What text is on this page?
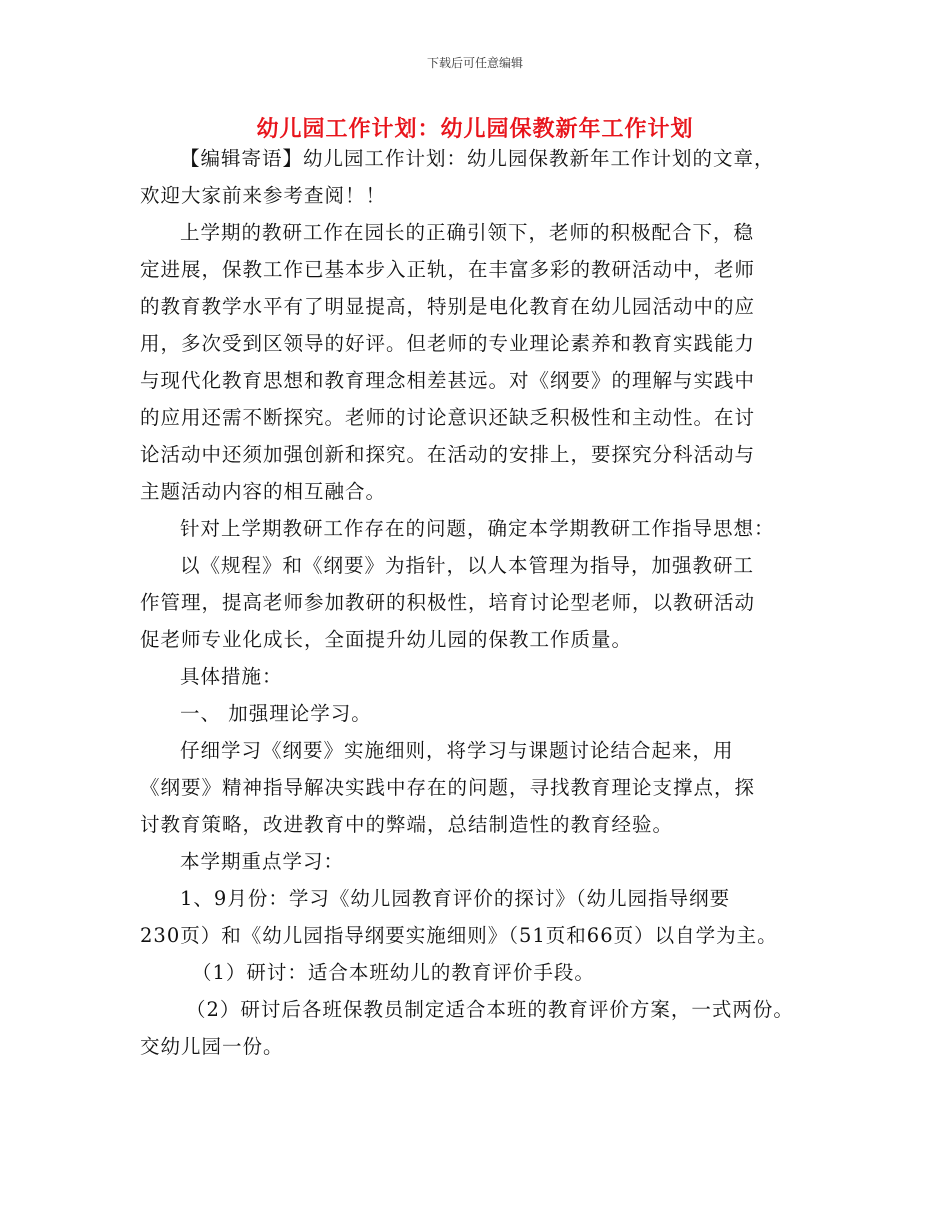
下载后可任意编辑
幼儿园工作计划：幼儿园保教新年工作计划

【编辑寄语】幼儿园工作计划：幼儿园保教新年工作计划的文章，

欢迎大家前来参考查阅！！

上学期的教研工作在园长的正确引领下，老师的积极配合下，稳

定进展，保教工作已基本步入正轨，在丰富多彩的教研活动中，老师

的教育教学水平有了明显提高，特别是电化教育在幼儿园活动中的应

用，多次受到区领导的好评。但老师的专业理论素养和教育实践能力

与现代化教育思想和教育理念相差甚远。对《纲要》的理解与实践中

的应用还需不断探究。老师的讨论意识还缺乏积极性和主动性。在讨

论活动中还须加强创新和探究。在活动的安排上，要探究分科活动与

主题活动内容的相互融合。

针对上学期教研工作存在的问题，确定本学期教研工作指导思想：

以《规程》和《纲要》为指针，以人本管理为指导，加强教研工

作管理，提高老师参加教研的积极性，培育讨论型老师，以教研活动

促老师专业化成长，全面提升幼儿园的保教工作质量。

具体措施：

一、 加强理论学习。

仔细学习《纲要》实施细则，将学习与课题讨论结合起来，用

《纲要》精神指导解决实践中存在的问题，寻找教育理论支撑点，探

讨教育策略，改进教育中的弊端，总结制造性的教育经验。

本学期重点学习：

1、9月份：学习《幼儿园教育评价的探讨》（幼儿园指导纲要

230页）和《幼儿园指导纲要实施细则》（51页和66页）以自学为主。

（1）研讨：适合本班幼儿的教育评价手段。

（2）研讨后各班保教员制定适合本班的教育评价方案，一式两份。

交幼儿园一份。
